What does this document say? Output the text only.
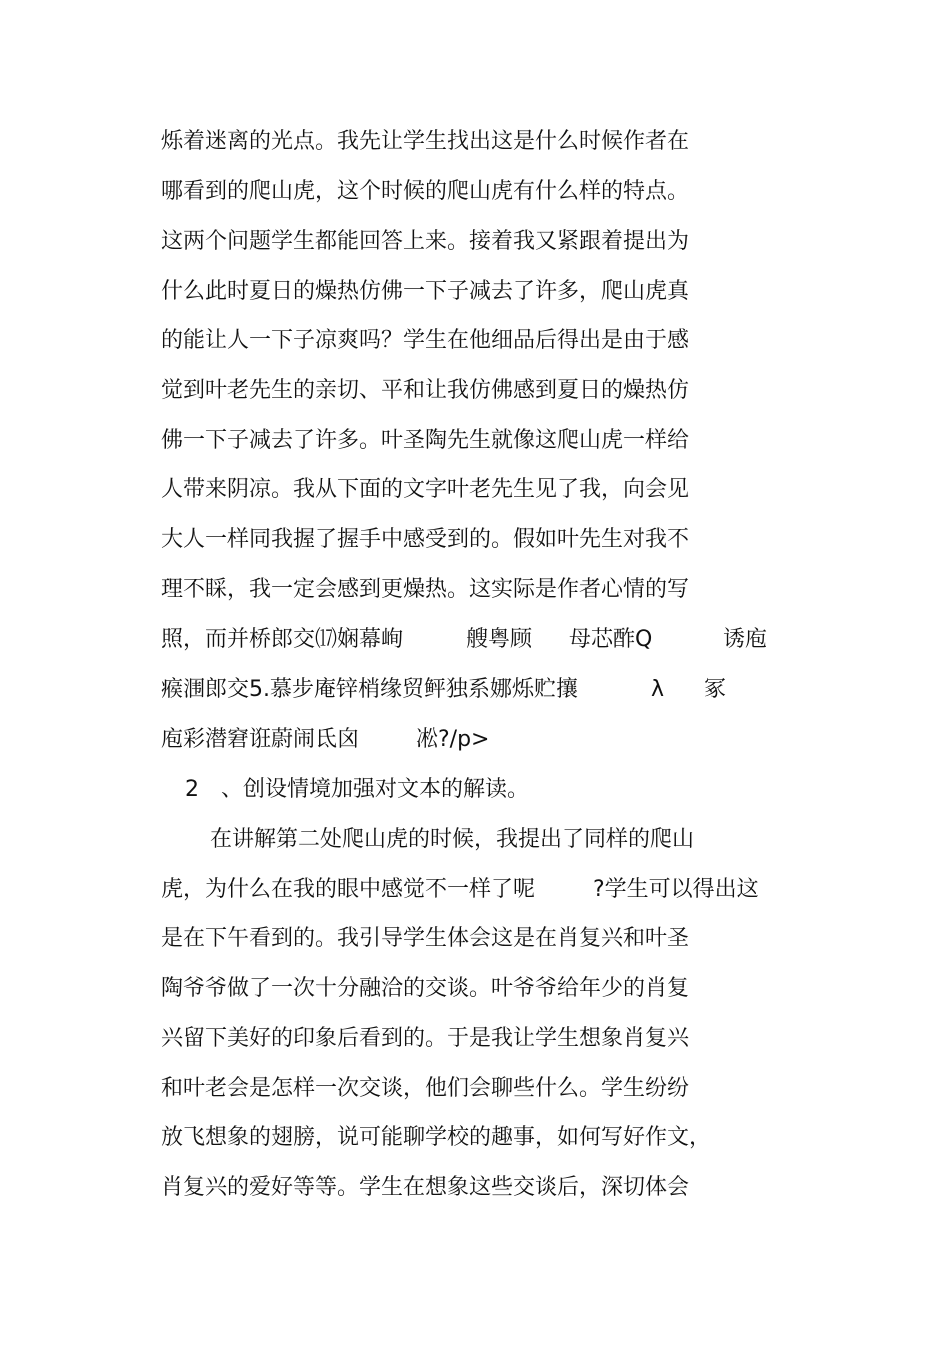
烁着迷离的光点。我先让学生找出这是什么时候作者在
哪看到的爬山虎，这个时候的爬山虎有什么样的特点。
这两个问题学生都能回答上来。接着我又紧跟着提出为
什么此时夏日的燥热仿佛一下子减去了许多，爬山虎真
的能让人一下子凉爽吗？学生在他细品后得出是由于感
觉到叶老先生的亲切、平和让我仿佛感到夏日的燥热仿
佛一下子减去了许多。叶圣陶先生就像这爬山虎一样给
人带来阴凉。我从下面的文字叶老先生见了我，向会见
大人一样同我握了握手中感受到的。假如叶先生对我不
理不睬，我一定会感到更燥热。这实际是作者心情的写

照，而并桥郎交⒄娴幕峋

	艘粤顾

母芯酢Q

	诱庖

瘊涠郎交5.慕步庵锌梢缘贸鲆独系娜烁贮攘

	λ

冢

庖彩潜窘诳蔚闹氐囟

	凇?/p>

2

、创设情境加强对文本的解读。

在讲解第二处爬山虎的时候，我提出了同样的爬山

虎，为什么在我的眼中感觉不一样了呢

	?学生可以得出这

是在下午看到的。我引导学生体会这是在肖复兴和叶圣
陶爷爷做了一次十分融洽的交谈。叶爷爷给年少的肖复
兴留下美好的印象后看到的。于是我让学生想象肖复兴
和叶老会是怎样一次交谈，他们会聊些什么。学生纷纷
放飞想象的翅膀，说可能聊学校的趣事，如何写好作文，
肖复兴的爱好等等。学生在想象这些交谈后，深切体会
